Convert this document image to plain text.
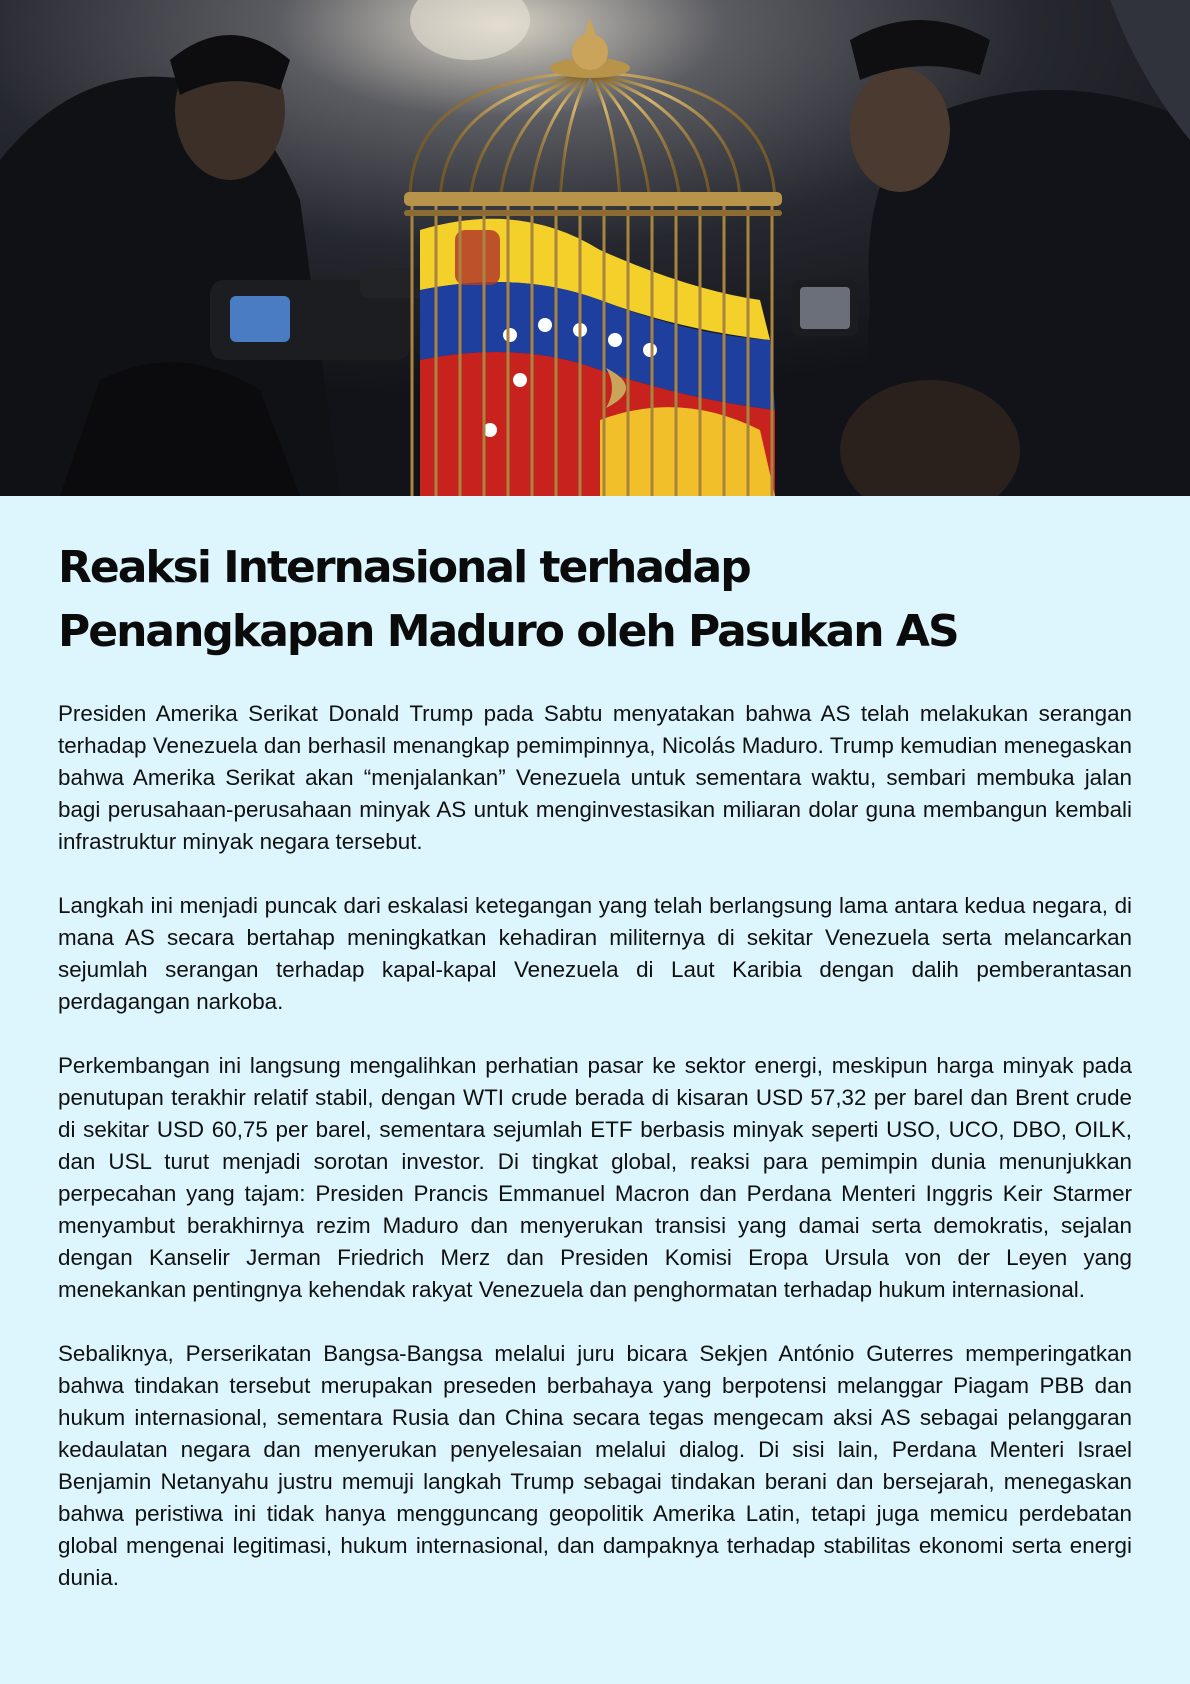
Reaksi Internasional terhadap Penangkapan Maduro oleh Pasukan AS

Presiden Amerika Serikat Donald Trump pada Sabtu menyatakan bahwa AS telah melakukan serangan terhadap Venezuela dan berhasil menangkap pemimpinnya, Nicolás Maduro. Trump kemudian menegaskan bahwa Amerika Serikat akan “menjalankan” Venezuela untuk sementara waktu, sembari membuka jalan bagi perusahaan-perusahaan minyak AS untuk menginvestasikan miliaran dolar guna membangun kembali infrastruktur minyak negara tersebut.

Langkah ini menjadi puncak dari eskalasi ketegangan yang telah berlangsung lama antara kedua negara, di mana AS secara bertahap meningkatkan kehadiran militernya di sekitar Venezuela serta melancarkan sejumlah serangan terhadap kapal-kapal Venezuela di Laut Karibia dengan dalih pemberantasan perdagangan narkoba.

Perkembangan ini langsung mengalihkan perhatian pasar ke sektor energi, meskipun harga minyak pada penutupan terakhir relatif stabil, dengan WTI crude berada di kisaran USD 57,32 per barel dan Brent crude di sekitar USD 60,75 per barel, sementara sejumlah ETF berbasis minyak seperti USO, UCO, DBO, OILK, dan USL turut menjadi sorotan investor. Di tingkat global, reaksi para pemimpin dunia menunjukkan perpecahan yang tajam: Presiden Prancis Emmanuel Macron dan Perdana Menteri Inggris Keir Starmer menyambut berakhirnya rezim Maduro dan menyerukan transisi yang damai serta demokratis, sejalan dengan Kanselir Jerman Friedrich Merz dan Presiden Komisi Eropa Ursula von der Leyen yang menekankan pentingnya kehendak rakyat Venezuela dan penghormatan terhadap hukum internasional.

Sebaliknya, Perserikatan Bangsa-Bangsa melalui juru bicara Sekjen António Guterres memperingatkan bahwa tindakan tersebut merupakan preseden berbahaya yang berpotensi melanggar Piagam PBB dan hukum internasional, sementara Rusia dan China secara tegas mengecam aksi AS sebagai pelanggaran kedaulatan negara dan menyerukan penyelesaian melalui dialog. Di sisi lain, Perdana Menteri Israel Benjamin Netanyahu justru memuji langkah Trump sebagai tindakan berani dan bersejarah, menegaskan bahwa peristiwa ini tidak hanya mengguncang geopolitik Amerika Latin, tetapi juga memicu perdebatan global mengenai legitimasi, hukum internasional, dan dampaknya terhadap stabilitas ekonomi serta energi dunia.
